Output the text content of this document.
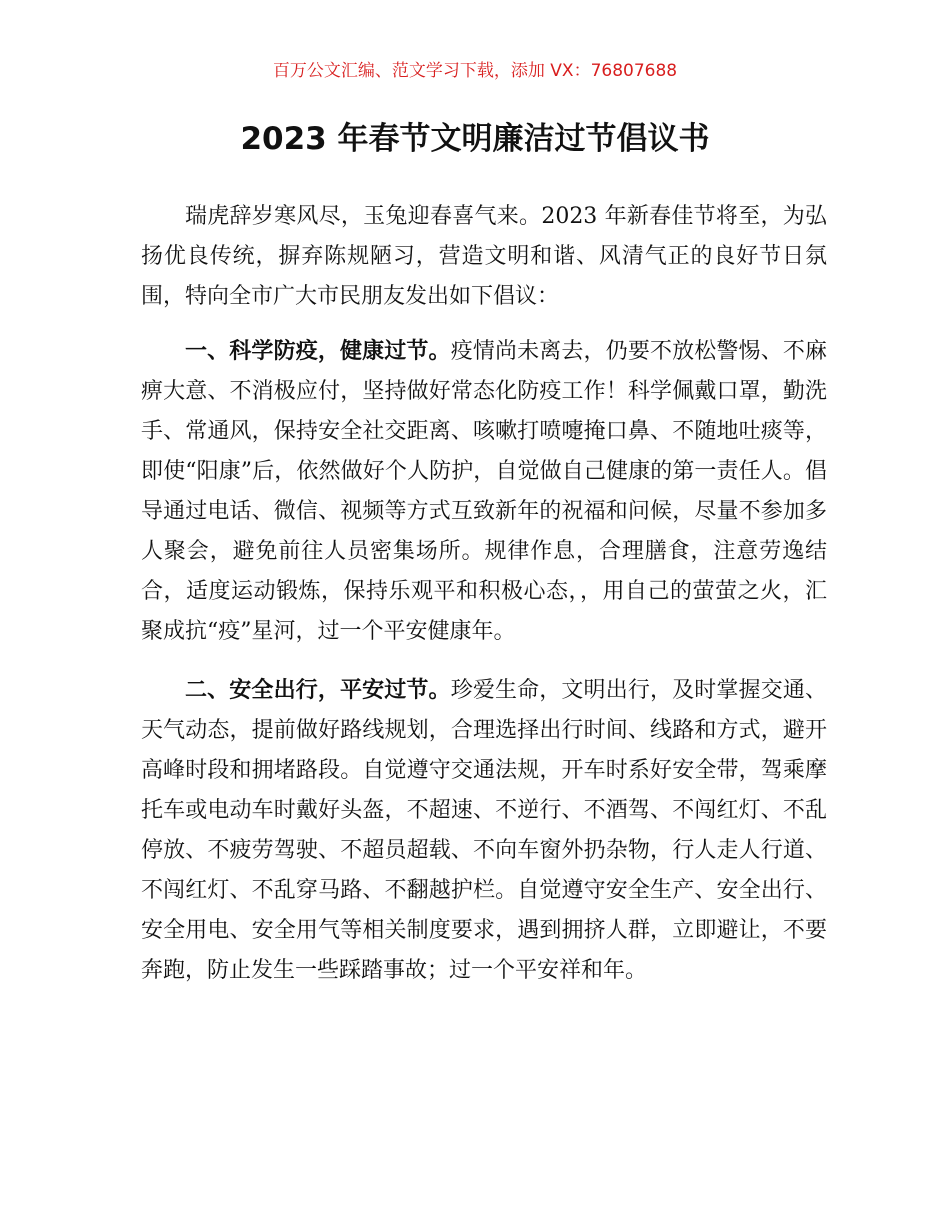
百万公文汇编、范文学习下载，添加 VX：76807688
2023 年春节文明廉洁过节倡议书

瑞虎辞岁寒风尽，玉兔迎春喜气来。2023 年新春佳节将至，为弘扬优良传统，摒弃陈规陋习，营造文明和谐、风清气正的良好节日氛围，特向全市广大市民朋友发出如下倡议：

一、科学防疫，健康过节。疫情尚未离去，仍要不放松警惕、不麻痹大意、不消极应付，坚持做好常态化防疫工作！科学佩戴口罩，勤洗手、常通风，保持安全社交距离、咳嗽打喷嚏掩口鼻、不随地吐痰等，即使“阳康”后，依然做好个人防护，自觉做自己健康的第一责任人。倡导通过电话、微信、视频等方式互致新年的祝福和问候，尽量不参加多人聚会，避免前往人员密集场所。规律作息，合理膳食，注意劳逸结合，适度运动锻炼，保持乐观平和积极心态，，用自己的萤萤之火，汇聚成抗“疫”星河，过一个平安健康年。

二、安全出行，平安过节。珍爱生命，文明出行，及时掌握交通、天气动态，提前做好路线规划，合理选择出行时间、线路和方式，避开高峰时段和拥堵路段。自觉遵守交通法规，开车时系好安全带，驾乘摩托车或电动车时戴好头盔，不超速、不逆行、不酒驾、不闯红灯、不乱停放、不疲劳驾驶、不超员超载、不向车窗外扔杂物，行人走人行道、不闯红灯、不乱穿马路、不翻越护栏。自觉遵守安全生产、安全出行、安全用电、安全用气等相关制度要求，遇到拥挤人群，立即避让，不要奔跑，防止发生一些踩踏事故；过一个平安祥和年。
